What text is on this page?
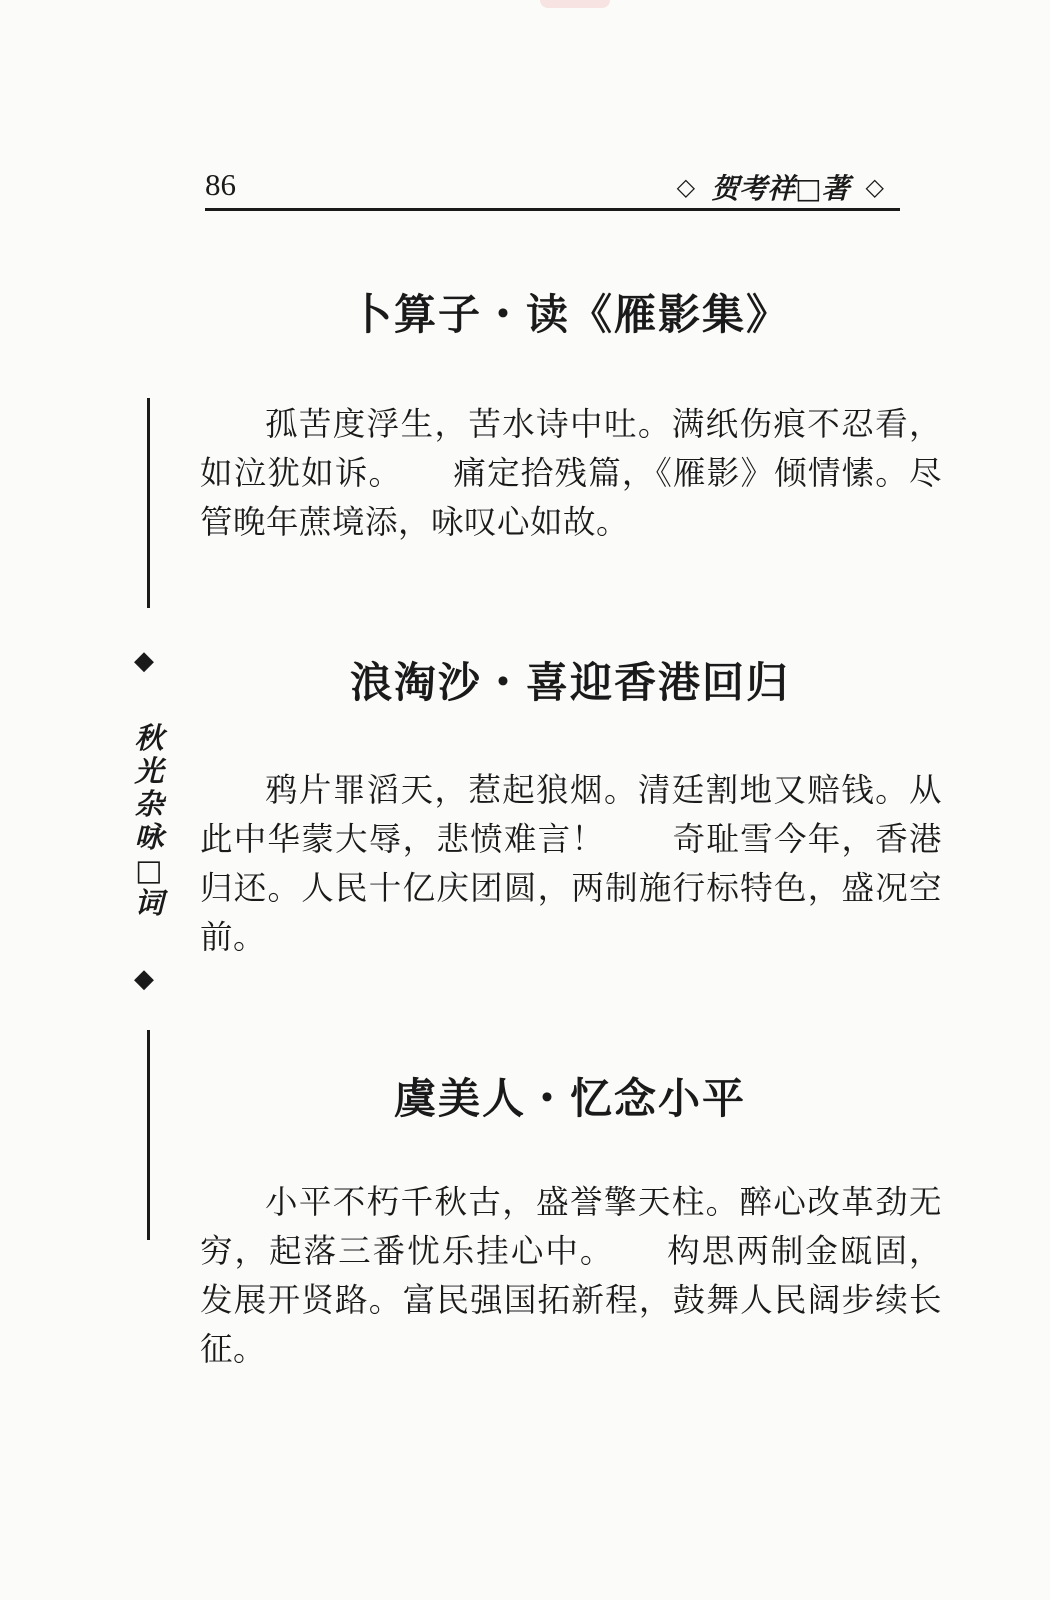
86	◇ 贺考祥□著 ◇
◆
秋光杂咏□词
◆
卜算子・读《雁影集》
孤苦度浮生，苦水诗中吐。满纸伤痕不忍看，如泣犹如诉。　　痛定拾残篇，《雁影》倾情愫。尽管晚年蔗境添，咏叹心如故。
浪淘沙・喜迎香港回归
鸦片罪滔天，惹起狼烟。清廷割地又赔钱。从此中华蒙大辱，悲愤难言！　　奇耻雪今年，香港归还。人民十亿庆团圆，两制施行标特色，盛况空前。
虞美人・忆念小平
小平不朽千秋古，盛誉擎天柱。醉心改革劲无穷，起落三番忧乐挂心中。　　构思两制金瓯固，发展开贤路。富民强国拓新程，鼓舞人民阔步续长征。
